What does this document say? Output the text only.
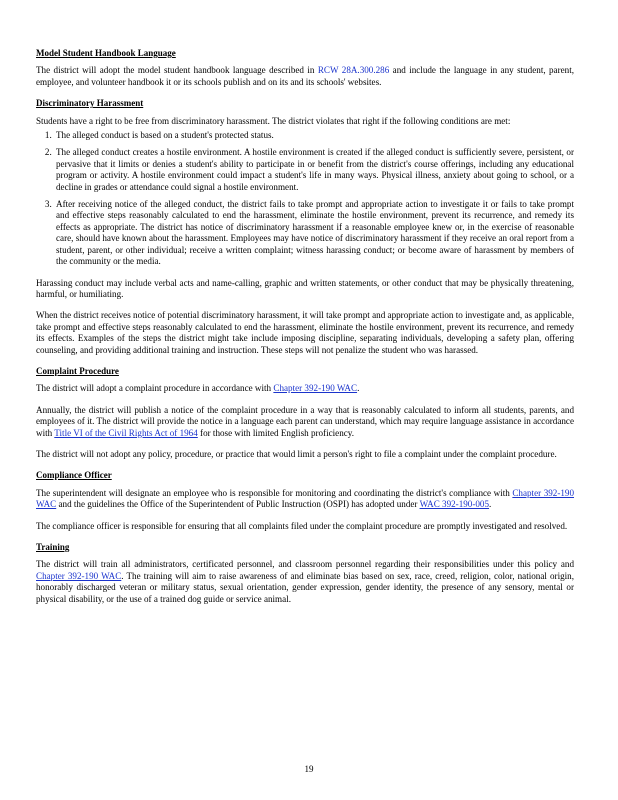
Model Student Handbook Language

The district will adopt the model student handbook language described in RCW 28A.300.286 and include the language in any student, parent, employee, and volunteer handbook it or its schools publish and on its and its schools' websites.

Discriminatory Harassment

Students have a right to be free from discriminatory harassment. The district violates that right if the following conditions are met:

1. The alleged conduct is based on a student's protected status.
2. The alleged conduct creates a hostile environment. A hostile environment is created if the alleged conduct is sufficiently severe, persistent, or pervasive that it limits or denies a student's ability to participate in or benefit from the district's course offerings, including any educational program or activity. A hostile environment could impact a student's life in many ways. Physical illness, anxiety about going to school, or a decline in grades or attendance could signal a hostile environment.
3. After receiving notice of the alleged conduct, the district fails to take prompt and appropriate action to investigate it or fails to take prompt and effective steps reasonably calculated to end the harassment, eliminate the hostile environment, prevent its recurrence, and remedy its effects as appropriate. The district has notice of discriminatory harassment if a reasonable employee knew or, in the exercise of reasonable care, should have known about the harassment. Employees may have notice of discriminatory harassment if they receive an oral report from a student, parent, or other individual; receive a written complaint; witness harassing conduct; or become aware of harassment by members of the community or the media.

Harassing conduct may include verbal acts and name-calling, graphic and written statements, or other conduct that may be physically threatening, harmful, or humiliating.

When the district receives notice of potential discriminatory harassment, it will take prompt and appropriate action to investigate and, as applicable, take prompt and effective steps reasonably calculated to end the harassment, eliminate the hostile environment, prevent its recurrence, and remedy its effects. Examples of the steps the district might take include imposing discipline, separating individuals, developing a safety plan, offering counseling, and providing additional training and instruction. These steps will not penalize the student who was harassed.

Complaint Procedure

The district will adopt a complaint procedure in accordance with Chapter 392-190 WAC.

Annually, the district will publish a notice of the complaint procedure in a way that is reasonably calculated to inform all students, parents, and employees of it. The district will provide the notice in a language each parent can understand, which may require language assistance in accordance with Title VI of the Civil Rights Act of 1964 for those with limited English proficiency.

The district will not adopt any policy, procedure, or practice that would limit a person's right to file a complaint under the complaint procedure.

Compliance Officer

The superintendent will designate an employee who is responsible for monitoring and coordinating the district's compliance with Chapter 392-190 WAC and the guidelines the Office of the Superintendent of Public Instruction (OSPI) has adopted under WAC 392-190-005.

The compliance officer is responsible for ensuring that all complaints filed under the complaint procedure are promptly investigated and resolved.

Training

The district will train all administrators, certificated personnel, and classroom personnel regarding their responsibilities under this policy and Chapter 392-190 WAC. The training will aim to raise awareness of and eliminate bias based on sex, race, creed, religion, color, national origin, honorably discharged veteran or military status, sexual orientation, gender expression, gender identity, the presence of any sensory, mental or physical disability, or the use of a trained dog guide or service animal.

19
